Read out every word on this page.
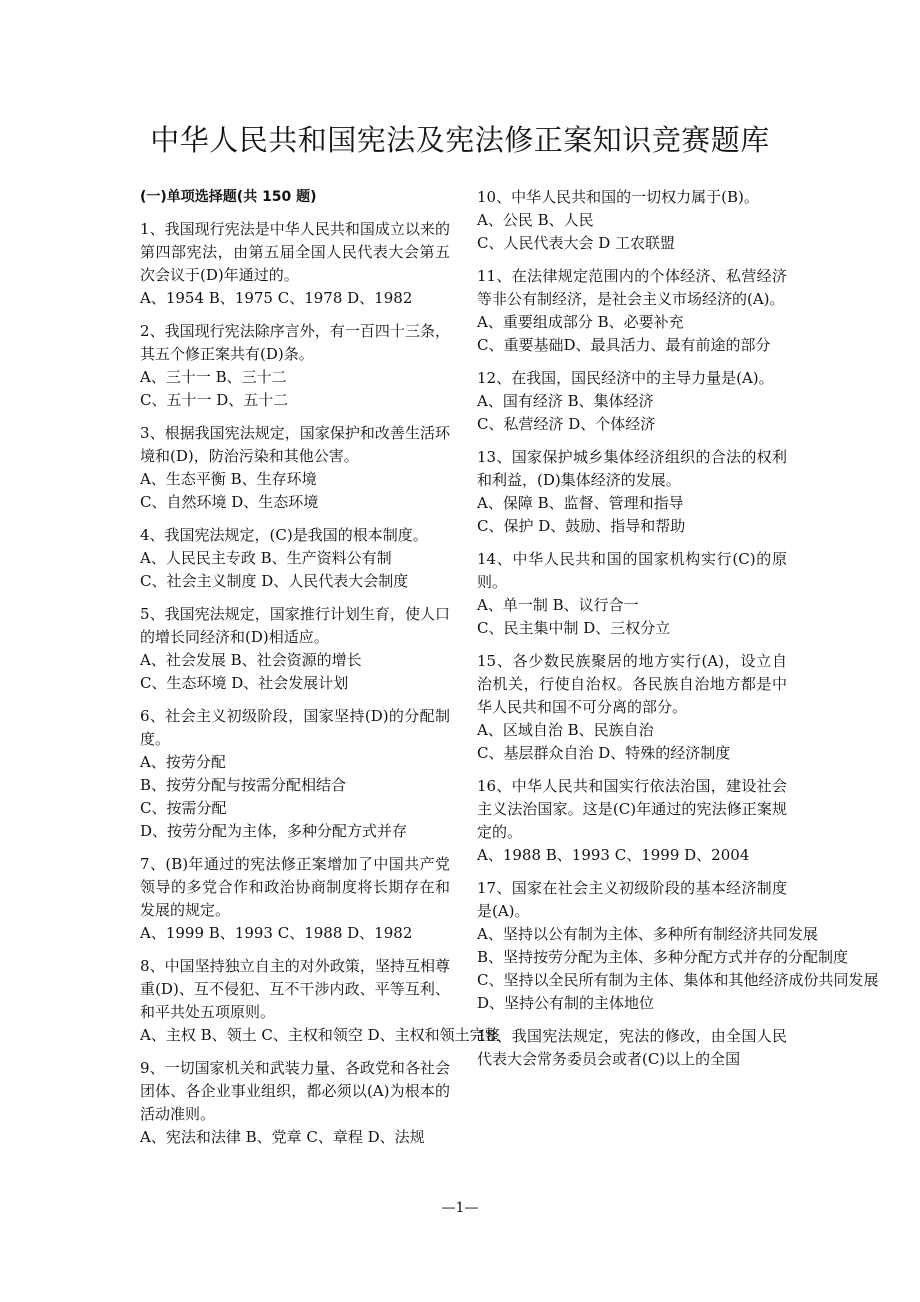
中华人民共和国宪法及宪法修正案知识竞赛题库
(一)单项选择题(共 150 题)

1、我国现行宪法是中华人民共和国成立以来的第四部宪法，由第五届全国人民代表大会第五次会议于(D)年通过的。

A、1954 B、1975 C、1978 D、1982

2、我国现行宪法除序言外，有一百四十三条，其五个修正案共有(D)条。

A、三十一 B、三十二

C、五十一 D、五十二

3、根据我国宪法规定，国家保护和改善生活环境和(D)，防治污染和其他公害。

A、生态平衡 B、生存环境

C、自然环境 D、生态环境

4、我国宪法规定，(C)是我国的根本制度。

A、人民民主专政 B、生产资料公有制

C、社会主义制度 D、人民代表大会制度

5、我国宪法规定，国家推行计划生育，使人口的增长同经济和(D)相适应。

A、社会发展 B、社会资源的增长

C、生态环境 D、社会发展计划

6、社会主义初级阶段，国家坚持(D)的分配制度。

A、按劳分配

B、按劳分配与按需分配相结合

C、按需分配

D、按劳分配为主体，多种分配方式并存

7、(B)年通过的宪法修正案增加了中国共产党领导的多党合作和政治协商制度将长期存在和发展的规定。

A、1999 B、1993 C、1988 D、1982

8、中国坚持独立自主的对外政策，坚持互相尊重(D)、互不侵犯、互不干涉内政、平等互利、和平共处五项原则。

A、主权 B、领土 C、主权和领空 D、主权和领土完整

9、一切国家机关和武装力量、各政党和各社会团体、各企业事业组织，都必须以(A)为根本的活动准则。

A、宪法和法律 B、党章 C、章程 D、法规

10、中华人民共和国的一切权力属于(B)。

A、公民 B、人民

C、人民代表大会 D 工农联盟

11、在法律规定范围内的个体经济、私营经济等非公有制经济，是社会主义市场经济的(A)。

A、重要组成部分 B、必要补充

C、重要基础D、最具活力、最有前途的部分

12、在我国，国民经济中的主导力量是(A)。

A、国有经济 B、集体经济

C、私营经济 D、个体经济

13、国家保护城乡集体经济组织的合法的权利和利益，(D)集体经济的发展。

A、保障 B、监督、管理和指导

C、保护 D、鼓励、指导和帮助

14、中华人民共和国的国家机构实行(C)的原则。

A、单一制 B、议行合一

C、民主集中制 D、三权分立

15、各少数民族聚居的地方实行(A)，设立自治机关，行使自治权。各民族自治地方都是中华人民共和国不可分离的部分。

A、区域自治 B、民族自治

C、基层群众自治 D、特殊的经济制度

16、中华人民共和国实行依法治国，建设社会主义法治国家。这是(C)年通过的宪法修正案规定的。

A、1988 B、1993 C、1999 D、2004

17、国家在社会主义初级阶段的基本经济制度是(A)。

A、坚持以公有制为主体、多种所有制经济共同发展

B、坚持按劳分配为主体、多种分配方式并存的分配制度

C、坚持以全民所有制为主体、集体和其他经济成份共同发展

D、坚持公有制的主体地位

18、我国宪法规定，宪法的修改，由全国人民代表大会常务委员会或者(C)以上的全国

—1—
